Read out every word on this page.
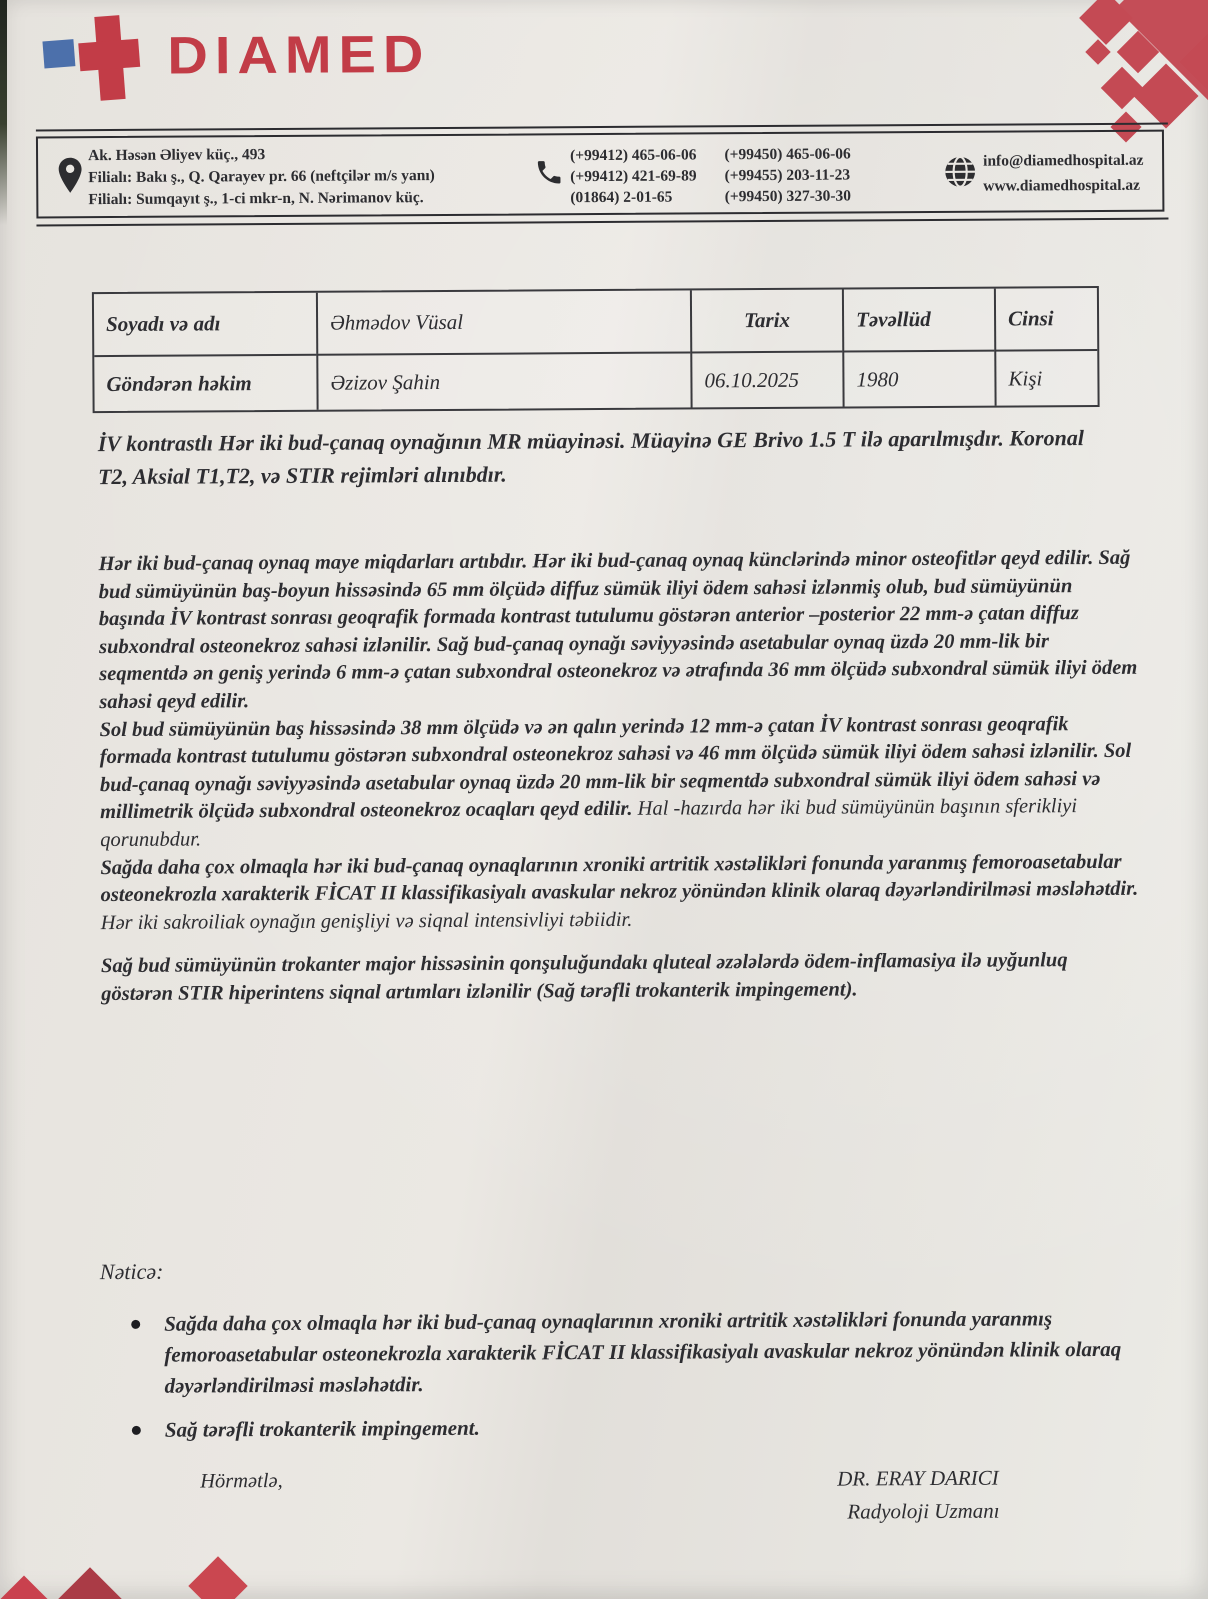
DIAMED
Ak. Həsən Əliyev küç., 493
Filialı: Bakı ş., Q. Qarayev pr. 66 (neftçilər m/s yanı)
Filialı: Sumqayıt ş., 1-ci mkr-n, N. Nərimanov küç.
(+99412) 465-06-06
(+99412) 421-69-89
(01864) 2-01-65
(+99450) 465-06-06
(+99455) 203-11-23
(+99450) 327-30-30
info@diamedhospital.az
www.diamedhospital.az
Soyadı və adı	Əhmədov Vüsal	Tarix	Təvəllüd	Cinsi
Göndərən həkim	Əzizov Şahin	06.10.2025	1980	Kişi
İV kontrastlı Hər iki bud-çanaq oynağının MR müayinəsi. Müayinə GE Brivo 1.5 T ilə aparılmışdır. Koronal T2, Aksial T1,T2, və STIR rejimləri alınıbdır.

Hər iki bud-çanaq oynaq maye miqdarları artıbdır. Hər iki bud-çanaq oynaq künclərində minor osteofitlər qeyd edilir. Sağ bud sümüyünün baş-boyun hissəsində 65 mm ölçüdə diffuz sümük iliyi ödem sahəsi izlənmiş olub, bud sümüyünün başında İV kontrast sonrası geoqrafik formada kontrast tutulumu göstərən anterior –posterior 22 mm-ə çatan diffuz subxondral osteonekroz sahəsi izlənilir. Sağ bud-çanaq oynağı səviyyəsində asetabular oynaq üzdə 20 mm-lik bir seqmentdə ən geniş yerində 6 mm-ə çatan subxondral osteonekroz və ətrafında 36 mm ölçüdə subxondral sümük iliyi ödem sahəsi qeyd edilir.

Sol bud sümüyünün baş hissəsində 38 mm ölçüdə və ən qalın yerində 12 mm-ə çatan İV kontrast sonrası geoqrafik formada kontrast tutulumu göstərən subxondral osteonekroz sahəsi və 46 mm ölçüdə sümük iliyi ödem sahəsi izlənilir. Sol bud-çanaq oynağı səviyyəsində asetabular oynaq üzdə 20 mm-lik bir seqmentdə subxondral sümük iliyi ödem sahəsi və millimetrik ölçüdə subxondral osteonekroz ocaqları qeyd edilir. Hal -hazırda hər iki bud sümüyünün başının sferikliyi qorunubdur.

Sağda daha çox olmaqla hər iki bud-çanaq oynaqlarının xroniki artritik xəstəlikləri fonunda yaranmış femoroasetabular osteonekrozla xarakterik FİCAT II klassifikasiyalı avaskular nekroz yönündən klinik olaraq dəyərləndirilməsi məsləhətdir.

Hər iki sakroiliak oynağın genişliyi və siqnal intensivliyi təbiidir.

Sağ bud sümüyünün trokanter major hissəsinin qonşuluğundakı qluteal əzələlərdə ödem-inflamasiya ilə uyğunluq göstərən STIR hiperintens siqnal artımları izlənilir (Sağ tərəfli trokanterik impingement).

Nəticə:
Sağda daha çox olmaqla hər iki bud-çanaq oynaqlarının xroniki artritik xəstəlikləri fonunda yaranmış femoroasetabular osteonekrozla xarakterik FİCAT II klassifikasiyalı avaskular nekroz yönündən klinik olaraq dəyərləndirilməsi məsləhətdir.
Sağ tərəfli trokanterik impingement.
Hörmətlə,	DR. ERAY DARICI
Radyoloji Uzmanı
